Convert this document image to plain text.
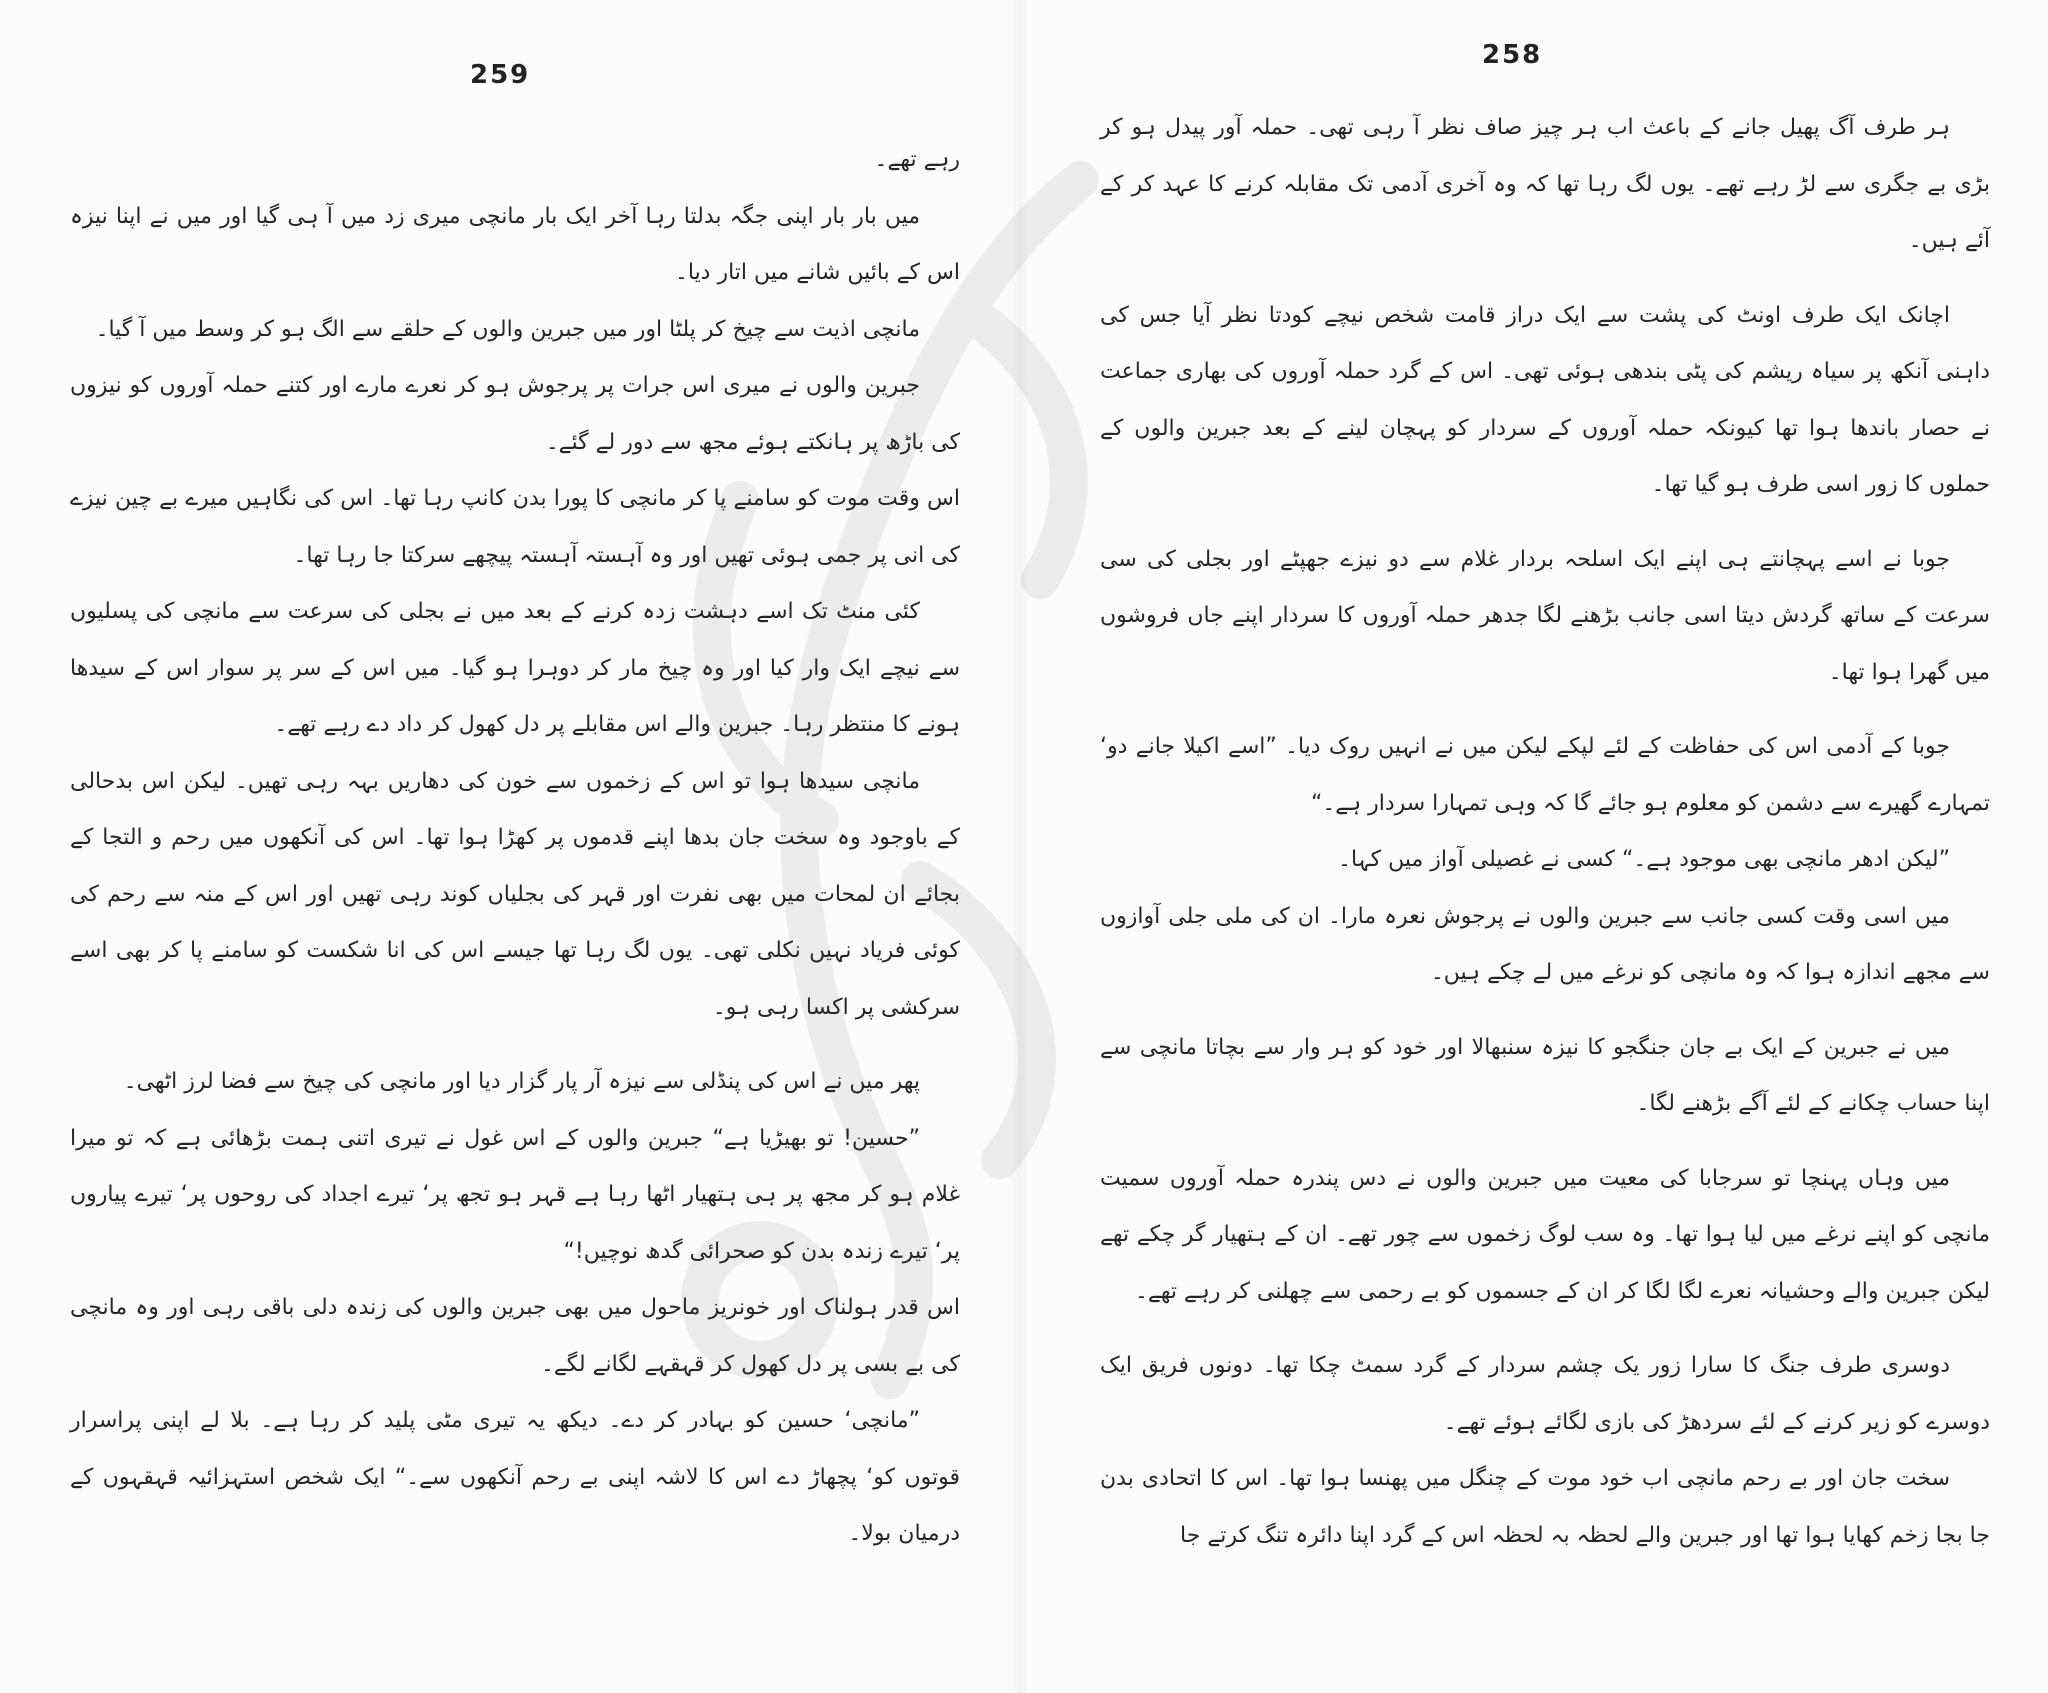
259

رہے تھے۔

میں بار بار اپنی جگہ بدلتا رہا آخر ایک بار مانچی میری زد میں آ ہی گیا اور میں نے اپنا نیزہ اس کے بائیں شانے میں اتار دیا۔

مانچی اذیت سے چیخ کر پلٹا اور میں جبرین والوں کے حلقے سے الگ ہو کر وسط میں آ گیا۔

جبرین والوں نے میری اس جرات پر پرجوش ہو کر نعرے مارے اور کتنے حملہ آوروں کو نیزوں کی باڑھ پر ہانکتے ہوئے مجھ سے دور لے گئے۔

اس وقت موت کو سامنے پا کر مانچی کا پورا بدن کانپ رہا تھا۔ اس کی نگاہیں میرے بے چین نیزے کی انی پر جمی ہوئی تھیں اور وہ آہستہ آہستہ پیچھے سرکتا جا رہا تھا۔

کئی منٹ تک اسے دہشت زدہ کرنے کے بعد میں نے بجلی کی سرعت سے مانچی کی پسلیوں سے نیچے ایک وار کیا اور وہ چیخ مار کر دوہرا ہو گیا۔ میں اس کے سر پر سوار اس کے سیدھا ہونے کا منتظر رہا۔ جبرین والے اس مقابلے پر دل کھول کر داد دے رہے تھے۔

مانچی سیدھا ہوا تو اس کے زخموں سے خون کی دھاریں بہہ رہی تھیں۔ لیکن اس بدحالی کے باوجود وہ سخت جان بدھا اپنے قدموں پر کھڑا ہوا تھا۔ اس کی آنکھوں میں رحم و التجا کے بجائے ان لمحات میں بھی نفرت اور قہر کی بجلیاں کوند رہی تھیں اور اس کے منہ سے رحم کی کوئی فریاد نہیں نکلی تھی۔ یوں لگ رہا تھا جیسے اس کی انا شکست کو سامنے پا کر بھی اسے سرکشی پر اکسا رہی ہو۔

پھر میں نے اس کی پنڈلی سے نیزہ آر پار گزار دیا اور مانچی کی چیخ سے فضا لرز اٹھی۔

”حسین! تو بھیڑیا ہے“ جبرین والوں کے اس غول نے تیری اتنی ہمت بڑھائی ہے کہ تو میرا غلام ہو کر مجھ پر ہی ہتھیار اٹھا رہا ہے قہر ہو تجھ پر‘ تیرے اجداد کی روحوں پر‘ تیرے پیاروں پر‘ تیرے زندہ بدن کو صحرائی گدھ نوچیں!“

اس قدر ہولناک اور خونریز ماحول میں بھی جبرین والوں کی زندہ دلی باقی رہی اور وہ مانچی کی بے بسی پر دل کھول کر قہقہے لگانے لگے۔

”مانچی‘ حسین کو بہادر کر دے۔ دیکھ یہ تیری مٹی پلید کر رہا ہے۔ بلا لے اپنی پراسرار قوتوں کو‘ پچھاڑ دے اس کا لاشہ اپنی بے رحم آنکھوں سے۔“ ایک شخص استہزائیہ قہقہوں کے درمیان بولا۔

258

ہر طرف آگ پھیل جانے کے باعث اب ہر چیز صاف نظر آ رہی تھی۔ حملہ آور پیدل ہو کر بڑی بے جگری سے لڑ رہے تھے۔ یوں لگ رہا تھا کہ وہ آخری آدمی تک مقابلہ کرنے کا عہد کر کے آئے ہیں۔

اچانک ایک طرف اونٹ کی پشت سے ایک دراز قامت شخص نیچے کودتا نظر آیا جس کی داہنی آنکھ پر سیاہ ریشم کی پٹی بندھی ہوئی تھی۔ اس کے گرد حملہ آوروں کی بھاری جماعت نے حصار باندھا ہوا تھا کیونکہ حملہ آوروں کے سردار کو پہچان لینے کے بعد جبرین والوں کے حملوں کا زور اسی طرف ہو گیا تھا۔

جوبا نے اسے پہچانتے ہی اپنے ایک اسلحہ بردار غلام سے دو نیزے جھپٹے اور بجلی کی سی سرعت کے ساتھ گردش دیتا اسی جانب بڑھنے لگا جدھر حملہ آوروں کا سردار اپنے جاں فروشوں میں گھرا ہوا تھا۔

جوبا کے آدمی اس کی حفاظت کے لئے لپکے لیکن میں نے انہیں روک دیا۔ ”اسے اکیلا جانے دو‘ تمہارے گھیرے سے دشمن کو معلوم ہو جائے گا کہ وہی تمہارا سردار ہے۔“

”لیکن ادھر مانچی بھی موجود ہے۔“ کسی نے غصیلی آواز میں کہا۔

میں اسی وقت کسی جانب سے جبرین والوں نے پرجوش نعرہ مارا۔ ان کی ملی جلی آوازوں سے مجھے اندازہ ہوا کہ وہ مانچی کو نرغے میں لے چکے ہیں۔

میں نے جبرین کے ایک بے جان جنگجو کا نیزہ سنبھالا اور خود کو ہر وار سے بچاتا مانچی سے اپنا حساب چکانے کے لئے آگے بڑھنے لگا۔

میں وہاں پہنچا تو سرجابا کی معیت میں جبرین والوں نے دس پندرہ حملہ آوروں سمیت مانچی کو اپنے نرغے میں لیا ہوا تھا۔ وہ سب لوگ زخموں سے چور تھے۔ ان کے ہتھیار گر چکے تھے لیکن جبرین والے وحشیانہ نعرے لگا لگا کر ان کے جسموں کو بے رحمی سے چھلنی کر رہے تھے۔

دوسری طرف جنگ کا سارا زور یک چشم سردار کے گرد سمٹ چکا تھا۔ دونوں فریق ایک دوسرے کو زیر کرنے کے لئے سردھڑ کی بازی لگائے ہوئے تھے۔

سخت جان اور بے رحم مانچی اب خود موت کے چنگل میں پھنسا ہوا تھا۔ اس کا اتحادی بدن جا بجا زخم کھایا ہوا تھا اور جبرین والے لحظہ بہ لحظہ اس کے گرد اپنا دائرہ تنگ کرتے جا
